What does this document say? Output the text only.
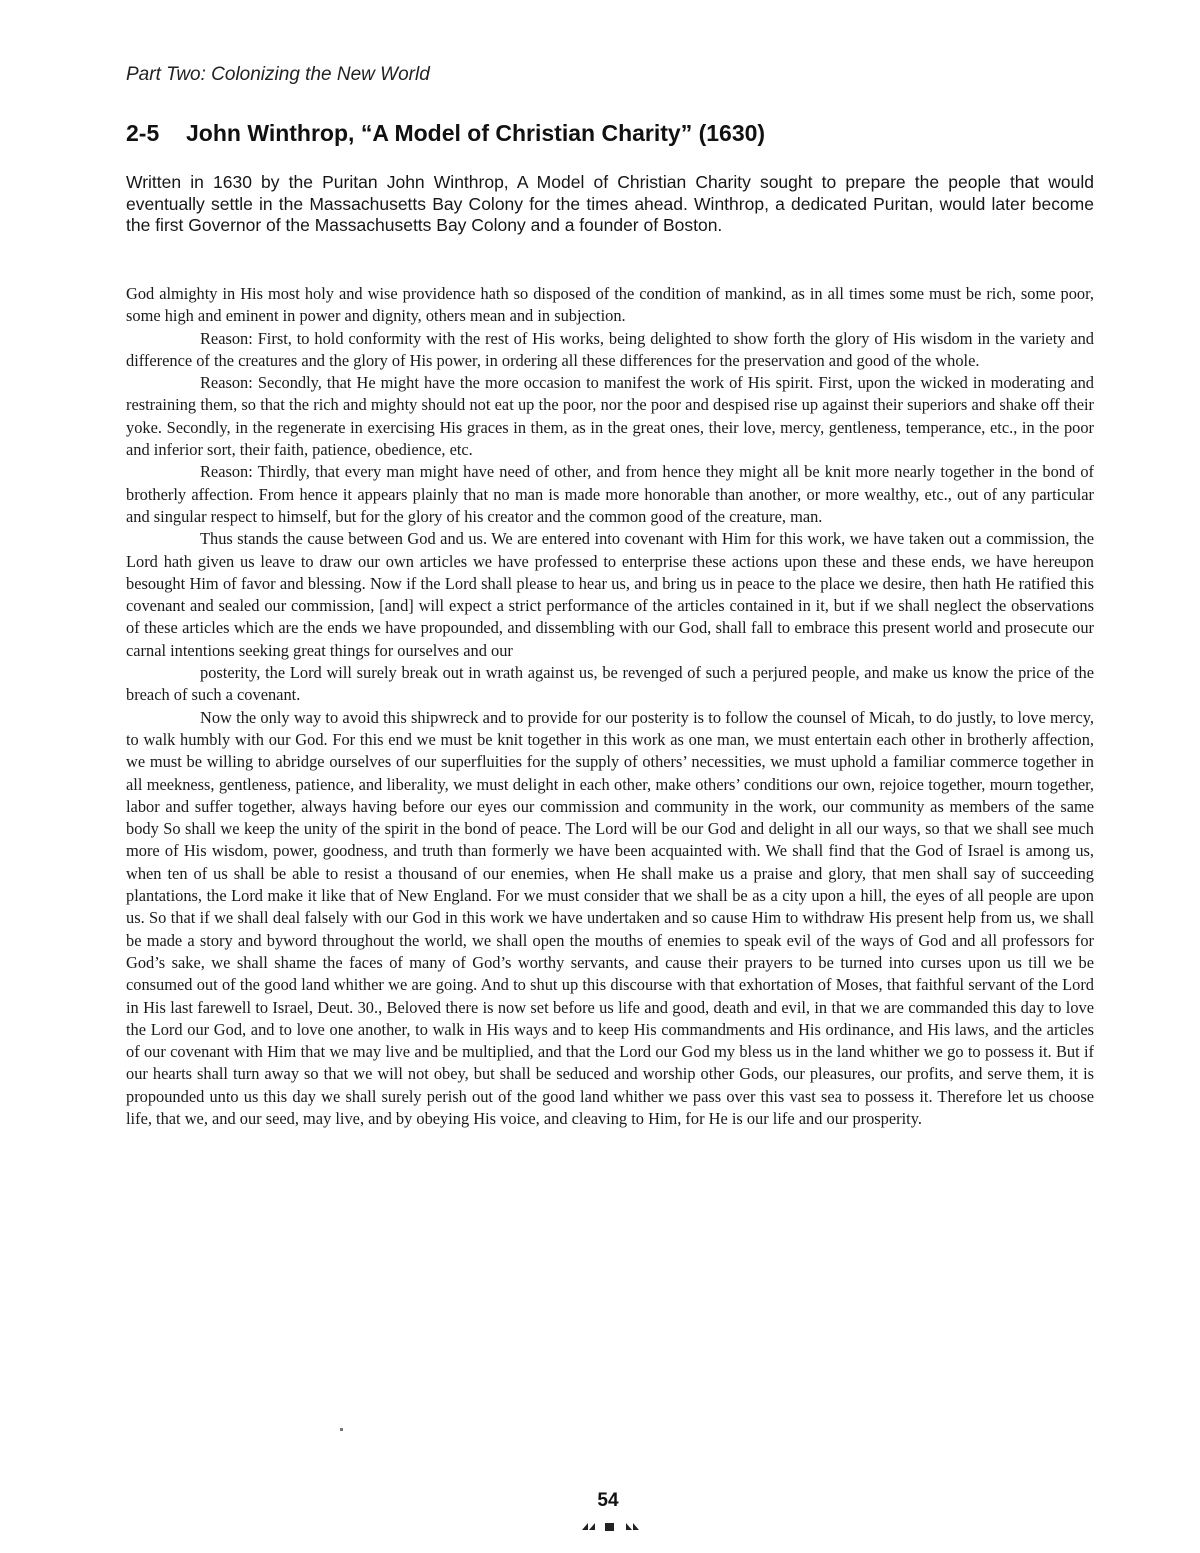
Part Two: Colonizing the New World
2-5 John Winthrop, “A Model of Christian Charity” (1630)

Written in 1630 by the Puritan John Winthrop, A Model of Christian Charity sought to prepare the people that would eventually settle in the Massachusetts Bay Colony for the times ahead. Winthrop, a dedicated Puritan, would later become the first Governor of the Massachusetts Bay Colony and a founder of Boston.

God almighty in His most holy and wise providence hath so disposed of the condition of mankind, as in all times some must be rich, some poor, some high and eminent in power and dignity, others mean and in subjection.

Reason: First, to hold conformity with the rest of His works, being delighted to show forth the glory of His wisdom in the variety and difference of the creatures and the glory of His power, in ordering all these differences for the preservation and good of the whole.

Reason: Secondly, that He might have the more occasion to manifest the work of His spirit. First, upon the wicked in moderating and restraining them, so that the rich and mighty should not eat up the poor, nor the poor and despised rise up against their superiors and shake off their yoke. Secondly, in the regenerate in exercising His graces in them, as in the great ones, their love, mercy, gentleness, temperance, etc., in the poor and inferior sort, their faith, patience, obedience, etc.

Reason: Thirdly, that every man might have need of other, and from hence they might all be knit more nearly together in the bond of brotherly affection. From hence it appears plainly that no man is made more honorable than another, or more wealthy, etc., out of any particular and singular respect to himself, but for the glory of his creator and the common good of the creature, man.

Thus stands the cause between God and us. We are entered into covenant with Him for this work, we have taken out a commission, the Lord hath given us leave to draw our own articles we have professed to enterprise these actions upon these and these ends, we have hereupon besought Him of favor and blessing. Now if the Lord shall please to hear us, and bring us in peace to the place we desire, then hath He ratified this covenant and sealed our commission, [and] will expect a strict performance of the articles contained in it, but if we shall neglect the observations of these articles which are the ends we have propounded, and dissembling with our God, shall fall to embrace this present world and prosecute our carnal intentions seeking great things for ourselves and our

posterity, the Lord will surely break out in wrath against us, be revenged of such a perjured people, and make us know the price of the breach of such a covenant.

Now the only way to avoid this shipwreck and to provide for our posterity is to follow the counsel of Micah, to do justly, to love mercy, to walk humbly with our God. For this end we must be knit together in this work as one man, we must entertain each other in brotherly affection, we must be willing to abridge ourselves of our superfluities for the supply of others’ necessities, we must uphold a familiar commerce together in all meekness, gentleness, patience, and liberality, we must delight in each other, make others’ conditions our own, rejoice together, mourn together, labor and suffer together, always having before our eyes our commission and community in the work, our community as members of the same body So shall we keep the unity of the spirit in the bond of peace. The Lord will be our God and delight in all our ways, so that we shall see much more of His wisdom, power, goodness, and truth than formerly we have been acquainted with. We shall find that the God of Israel is among us, when ten of us shall be able to resist a thousand of our enemies, when He shall make us a praise and glory, that men shall say of succeeding plantations, the Lord make it like that of New England. For we must consider that we shall be as a city upon a hill, the eyes of all people are upon us. So that if we shall deal falsely with our God in this work we have undertaken and so cause Him to withdraw His present help from us, we shall be made a story and byword throughout the world, we shall open the mouths of enemies to speak evil of the ways of God and all professors for God’s sake, we shall shame the faces of many of God’s worthy servants, and cause their prayers to be turned into curses upon us till we be consumed out of the good land whither we are going. And to shut up this discourse with that exhortation of Moses, that faithful servant of the Lord in His last farewell to Israel, Deut. 30., Beloved there is now set before us life and good, death and evil, in that we are commanded this day to love the Lord our God, and to love one another, to walk in His ways and to keep His commandments and His ordinance, and His laws, and the articles of our covenant with Him that we may live and be multiplied, and that the Lord our God my bless us in the land whither we go to possess it. But if our hearts shall turn away so that we will not obey, but shall be seduced and worship other Gods, our pleasures, our profits, and serve them, it is propounded unto us this day we shall surely perish out of the good land whither we pass over this vast sea to possess it. Therefore let us choose life, that we, and our seed, may live, and by obeying His voice, and cleaving to Him, for He is our life and our prosperity.

54
